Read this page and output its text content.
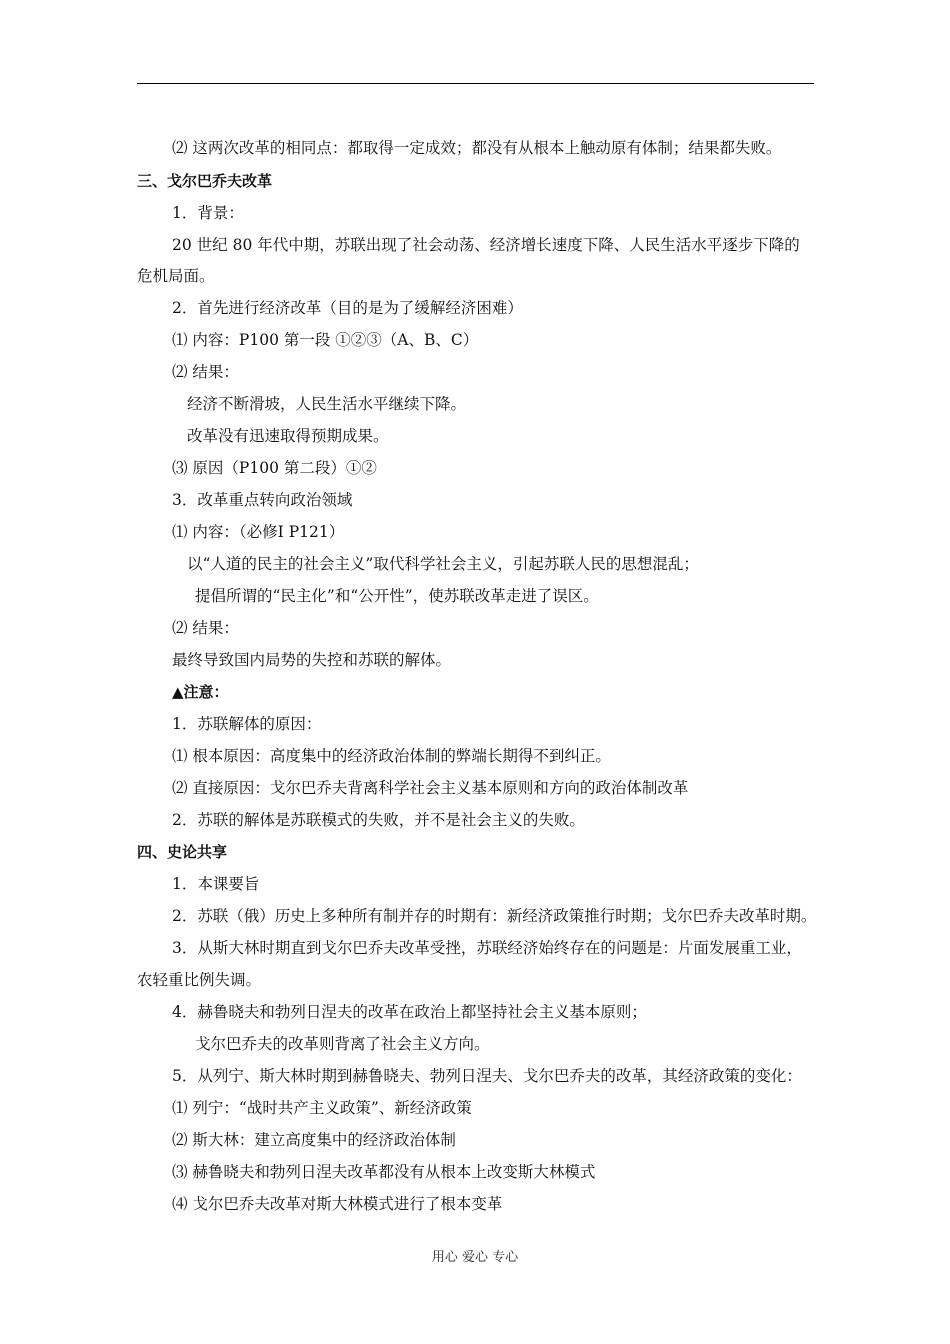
⑵ 这两次改革的相同点：都取得一定成效；都没有从根本上触动原有体制；结果都失败。
三、戈尔巴乔夫改革
1．背景：
20 世纪 80 年代中期，苏联出现了社会动荡、经济增长速度下降、人民生活水平逐步下降的
危机局面。
2．首先进行经济改革（目的是为了缓解经济困难）
⑴ 内容：P100 第一段 ①②③（A、B、C）
⑵ 结果：
经济不断滑坡，人民生活水平继续下降。
改革没有迅速取得预期成果。
⑶ 原因（P100 第二段）①②
3．改革重点转向政治领域
⑴ 内容：（必修Ⅰ P121）
以“人道的民主的社会主义”取代科学社会主义，引起苏联人民的思想混乱；
提倡所谓的“民主化”和“公开性”，使苏联改革走进了误区。
⑵ 结果：
最终导致国内局势的失控和苏联的解体。
▲注意：
1．苏联解体的原因：
⑴ 根本原因：高度集中的经济政治体制的弊端长期得不到纠正。
⑵ 直接原因：戈尔巴乔夫背离科学社会主义基本原则和方向的政治体制改革
2．苏联的解体是苏联模式的失败，并不是社会主义的失败。
四、史论共享
1．本课要旨
2．苏联（俄）历史上多种所有制并存的时期有：新经济政策推行时期；戈尔巴乔夫改革时期。
3．从斯大林时期直到戈尔巴乔夫改革受挫，苏联经济始终存在的问题是：片面发展重工业，
农轻重比例失调。
4．赫鲁晓夫和勃列日涅夫的改革在政治上都坚持社会主义基本原则；
戈尔巴乔夫的改革则背离了社会主义方向。
5．从列宁、斯大林时期到赫鲁晓夫、勃列日涅夫、戈尔巴乔夫的改革，其经济政策的变化：
⑴ 列宁：“战时共产主义政策”、新经济政策
⑵ 斯大林：建立高度集中的经济政治体制
⑶ 赫鲁晓夫和勃列日涅夫改革都没有从根本上改变斯大林模式
⑷ 戈尔巴乔夫改革对斯大林模式进行了根本变革
用心 爱心 专心
